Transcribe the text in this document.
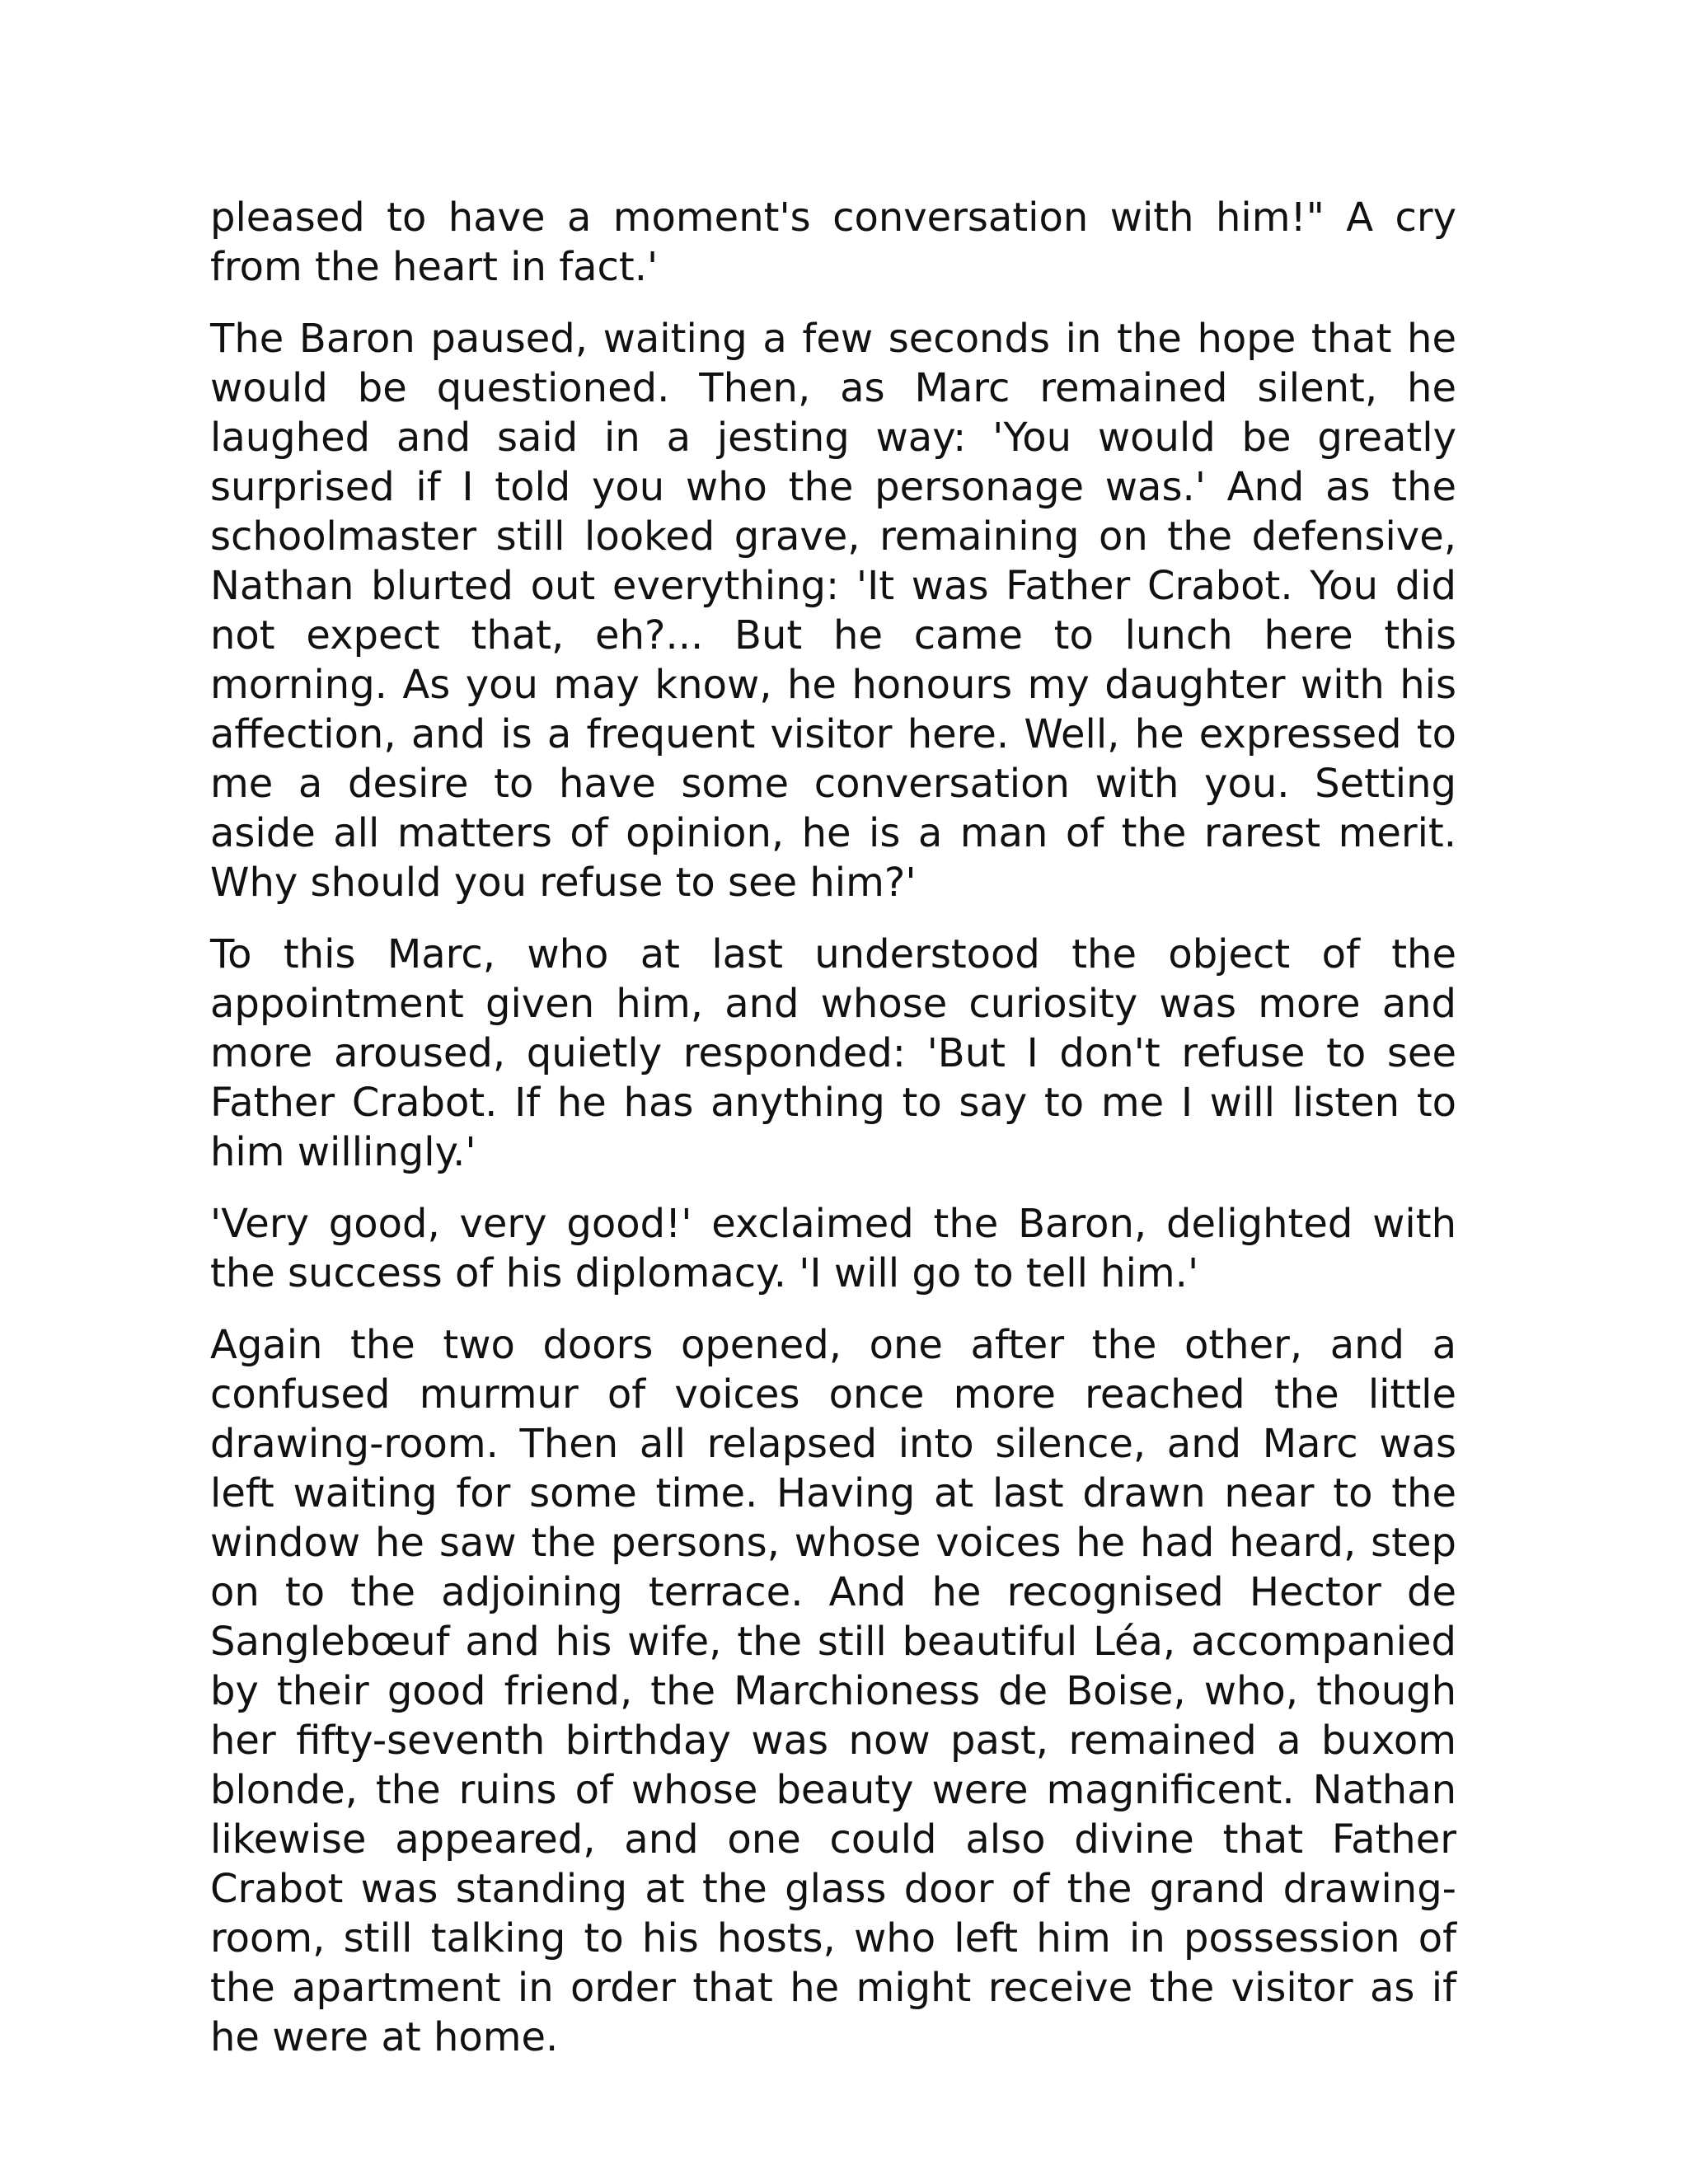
pleased to have a moment's conversation with him!" A cry from the heart in fact.'

The Baron paused, waiting a few seconds in the hope that he would be questioned. Then, as Marc remained silent, he laughed and said in a jesting way: 'You would be greatly surprised if I told you who the personage was.' And as the schoolmaster still looked grave, remaining on the defensive, Nathan blurted out everything: 'It was Father Crabot. You did not expect that, eh?... But he came to lunch here this morning. As you may know, he honours my daughter with his affection, and is a frequent visitor here. Well, he expressed to me a desire to have some conversation with you. Setting aside all matters of opinion, he is a man of the rarest merit. Why should you refuse to see him?'

To this Marc, who at last understood the object of the appointment given him, and whose curiosity was more and more aroused, quietly responded: 'But I don't refuse to see Father Crabot. If he has anything to say to me I will listen to him willingly.'

'Very good, very good!' exclaimed the Baron, delighted with the success of his diplomacy. 'I will go to tell him.'

Again the two doors opened, one after the other, and a confused murmur of voices once more reached the little drawing-room. Then all relapsed into silence, and Marc was left waiting for some time. Having at last drawn near to the window he saw the persons, whose voices he had heard, step on to the adjoining terrace. And he recognised Hector de Sanglebœuf and his wife, the still beautiful Léa, accompanied by their good friend, the Marchioness de Boise, who, though her fifty-seventh birthday was now past, remained a buxom blonde, the ruins of whose beauty were magnificent. Nathan likewise appeared, and one could also divine that Father Crabot was standing at the glass door of the grand drawing-room, still talking to his hosts, who left him in possession of the apartment in order that he might receive the visitor as if he were at home.
